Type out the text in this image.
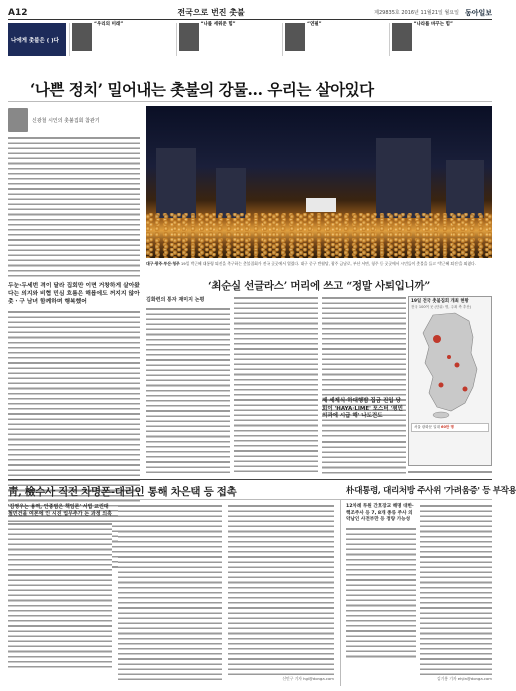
A12	전국으로 번진 촛불	제29835호 2016년 11월21일 월요일 동아일보
나에게 촛불은 ( )다
“우리의 미래”	“나를 세워준 힘”	“연필”	“나라를 바꾸는 힘”
‘나쁜 정치’ 밀어내는 촛불의 강물… 우리는 살아있다
신광철 시인의 촛불집회 참관기
두눈·두세번 격이 달라 집회만 이면 거창하게 살아왔다는 의지와 비협 민심 흐름은 해봅에도 꺼지지 않아 촛ㆍ구 남녀 함께하며 행복했어
대구·광주·부산·청주 19일 박근혜 대통령 퇴진을 촉구하는 촛불집회가 전국 곳곳에서 열렸다. 대구 중구 반월당, 광주 금남로, 부산 서면, 청주 등 곳곳에서 시민들이 촛불을 들고 '박근혜 퇴진'을 외쳤다.
‘최순실 선글라스’ 머리에 쓰고 “정말 사퇴입니까”
김화련의 통자 재미지 논평	19일 전국 촛불집회 개최 현황
전국 100여 곳 (단위: 명, 주최 측 추산)
서울 광화문 일대 60만 명
제 세제식·하대행밤 집금 진입 당회이 'HAYA·LIME' 포스터 '평민 의과에 시급 해' 나도건도
靑, 檢수사 직전 차명폰-대리인 통해 차은택 등 접촉	朴대통령, 대리처방 주사위 '가려움증' 등 부작용
'김영우는 용역, 안종범은 책임론' 서법 교린대 철민건을 여론에 인 시진 업무추가 돈 과정 의혹
신민구 기자 hgi@donga.com
12차례 투원 간호장교 해명 대한·핵조주사 등 7, 8개 종류 주사 의약남인 사전부만 등 정량 가능성
김기흥 기자 ehjin@donga.com
